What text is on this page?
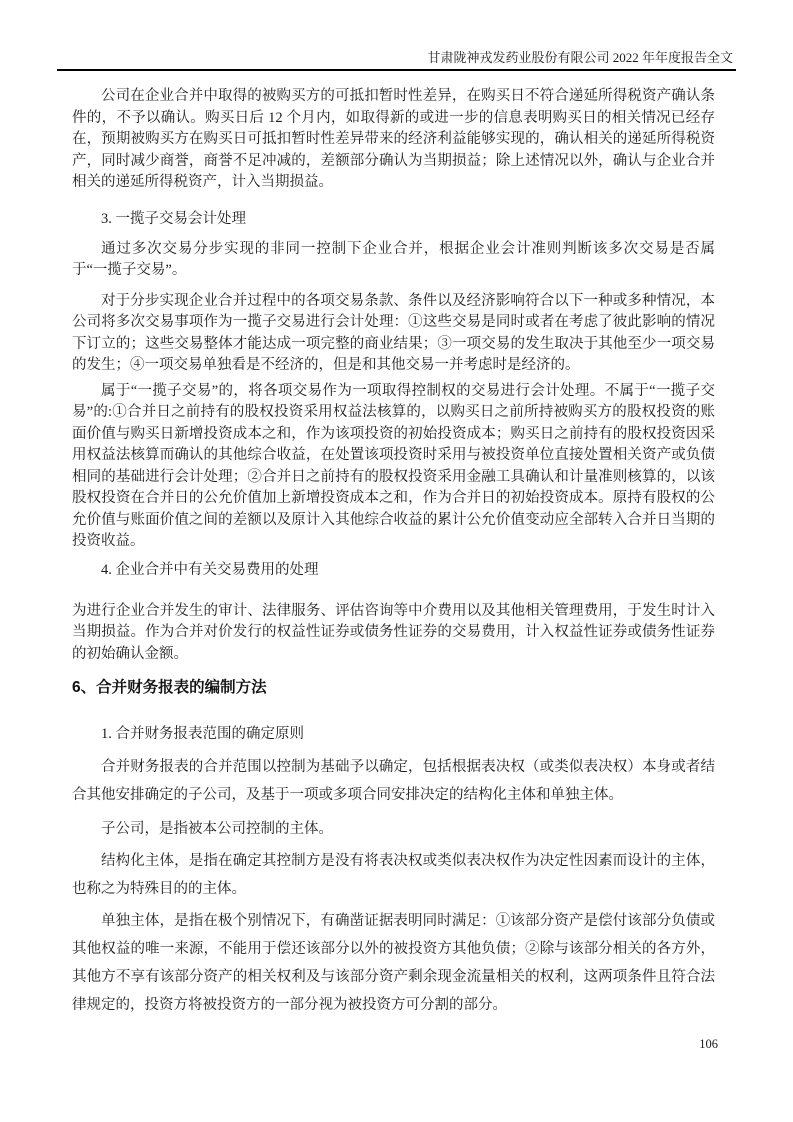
甘肃陇神戎发药业股份有限公司 2022 年年度报告全文

公司在企业合并中取得的被购买方的可抵扣暂时性差异，在购买日不符合递延所得税资产确认条件的，不予以确认。购买日后 12 个月内，如取得新的或进一步的信息表明购买日的相关情况已经存在，预期被购买方在购买日可抵扣暂时性差异带来的经济利益能够实现的，确认相关的递延所得税资产，同时减少商誉，商誉不足冲减的，差额部分确认为当期损益；除上述情况以外，确认与企业合并相关的递延所得税资产，计入当期损益。

3. 一揽子交易会计处理

通过多次交易分步实现的非同一控制下企业合并，根据企业会计准则判断该多次交易是否属于“一揽子交易”。

对于分步实现企业合并过程中的各项交易条款、条件以及经济影响符合以下一种或多种情况，本公司将多次交易事项作为一揽子交易进行会计处理：①这些交易是同时或者在考虑了彼此影响的情况下订立的；这些交易整体才能达成一项完整的商业结果；③一项交易的发生取决于其他至少一项交易的发生；④一项交易单独看是不经济的，但是和其他交易一并考虑时是经济的。

属于“一揽子交易”的，将各项交易作为一项取得控制权的交易进行会计处理。不属于“一揽子交易”的:①合并日之前持有的股权投资采用权益法核算的，以购买日之前所持被购买方的股权投资的账面价值与购买日新增投资成本之和，作为该项投资的初始投资成本；购买日之前持有的股权投资因采用权益法核算而确认的其他综合收益，在处置该项投资时采用与被投资单位直接处置相关资产或负债相同的基础进行会计处理；②合并日之前持有的股权投资采用金融工具确认和计量准则核算的，以该股权投资在合并日的公允价值加上新增投资成本之和，作为合并日的初始投资成本。原持有股权的公允价值与账面价值之间的差额以及原计入其他综合收益的累计公允价值变动应全部转入合并日当期的投资收益。

4. 企业合并中有关交易费用的处理

为进行企业合并发生的审计、法律服务、评估咨询等中介费用以及其他相关管理费用，于发生时计入当期损益。作为合并对价发行的权益性证券或债务性证券的交易费用，计入权益性证券或债务性证券的初始确认金额。

6、合并财务报表的编制方法

1. 合并财务报表范围的确定原则

合并财务报表的合并范围以控制为基础予以确定，包括根据表决权（或类似表决权）本身或者结合其他安排确定的子公司，及基于一项或多项合同安排决定的结构化主体和单独主体。

子公司，是指被本公司控制的主体。

结构化主体，是指在确定其控制方是没有将表决权或类似表决权作为决定性因素而设计的主体，也称之为特殊目的的主体。

单独主体，是指在极个别情况下，有确凿证据表明同时满足：①该部分资产是偿付该部分负债或其他权益的唯一来源，不能用于偿还该部分以外的被投资方其他负债；②除与该部分相关的各方外，其他方不享有该部分资产的相关权利及与该部分资产剩余现金流量相关的权利，这两项条件且符合法律规定的，投资方将被投资方的一部分视为被投资方可分割的部分。

106
